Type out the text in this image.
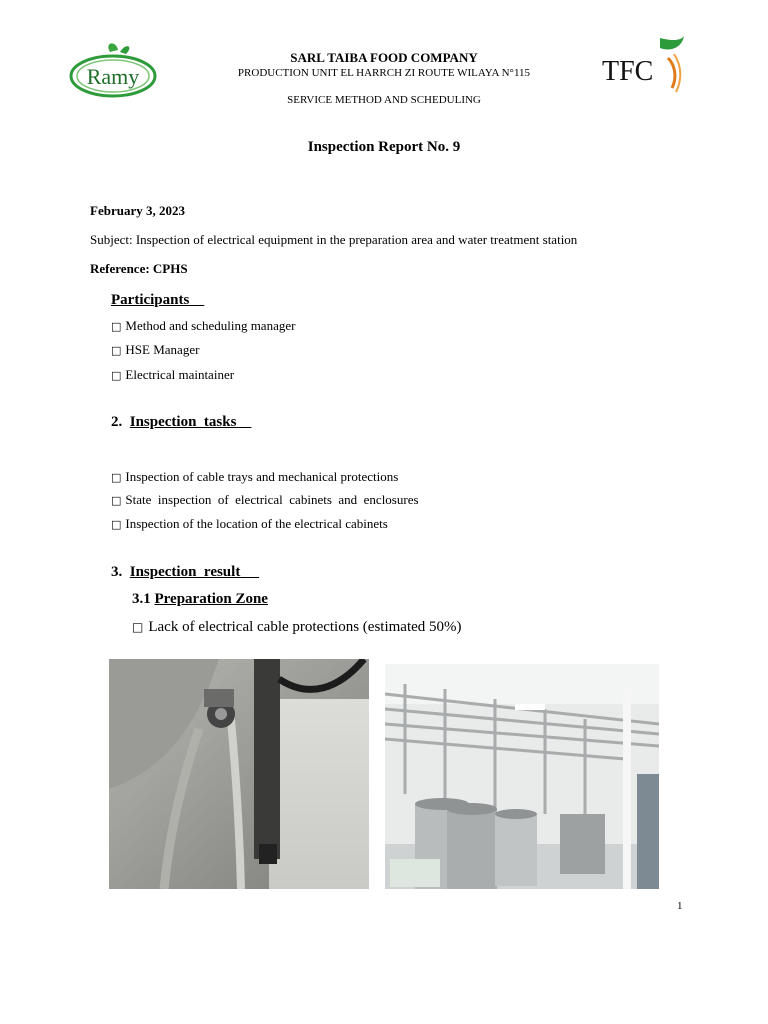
Ramy	TFC
SARL TAIBA FOOD COMPANY
PRODUCTION UNIT EL HARRCH ZI ROUTE WILAYA N°115
SERVICE METHOD AND SCHEDULING
Inspection Report No. 9
February 3, 2023
Subject: Inspection of electrical equipment in the preparation area and water treatment station
Reference: CPHS
Participants
□ Method and scheduling manager
□ HSE Manager
□ Electrical maintainer
2. Inspection  tasks
□ Inspection of cable trays and mechanical protections
□ State  inspection  of  electrical  cabinets  and  enclosures
□ Inspection of the location of the electrical cabinets
3. Inspection  result
3.1 Preparation Zone
□ Lack of electrical cable protections (estimated 50%)
1
